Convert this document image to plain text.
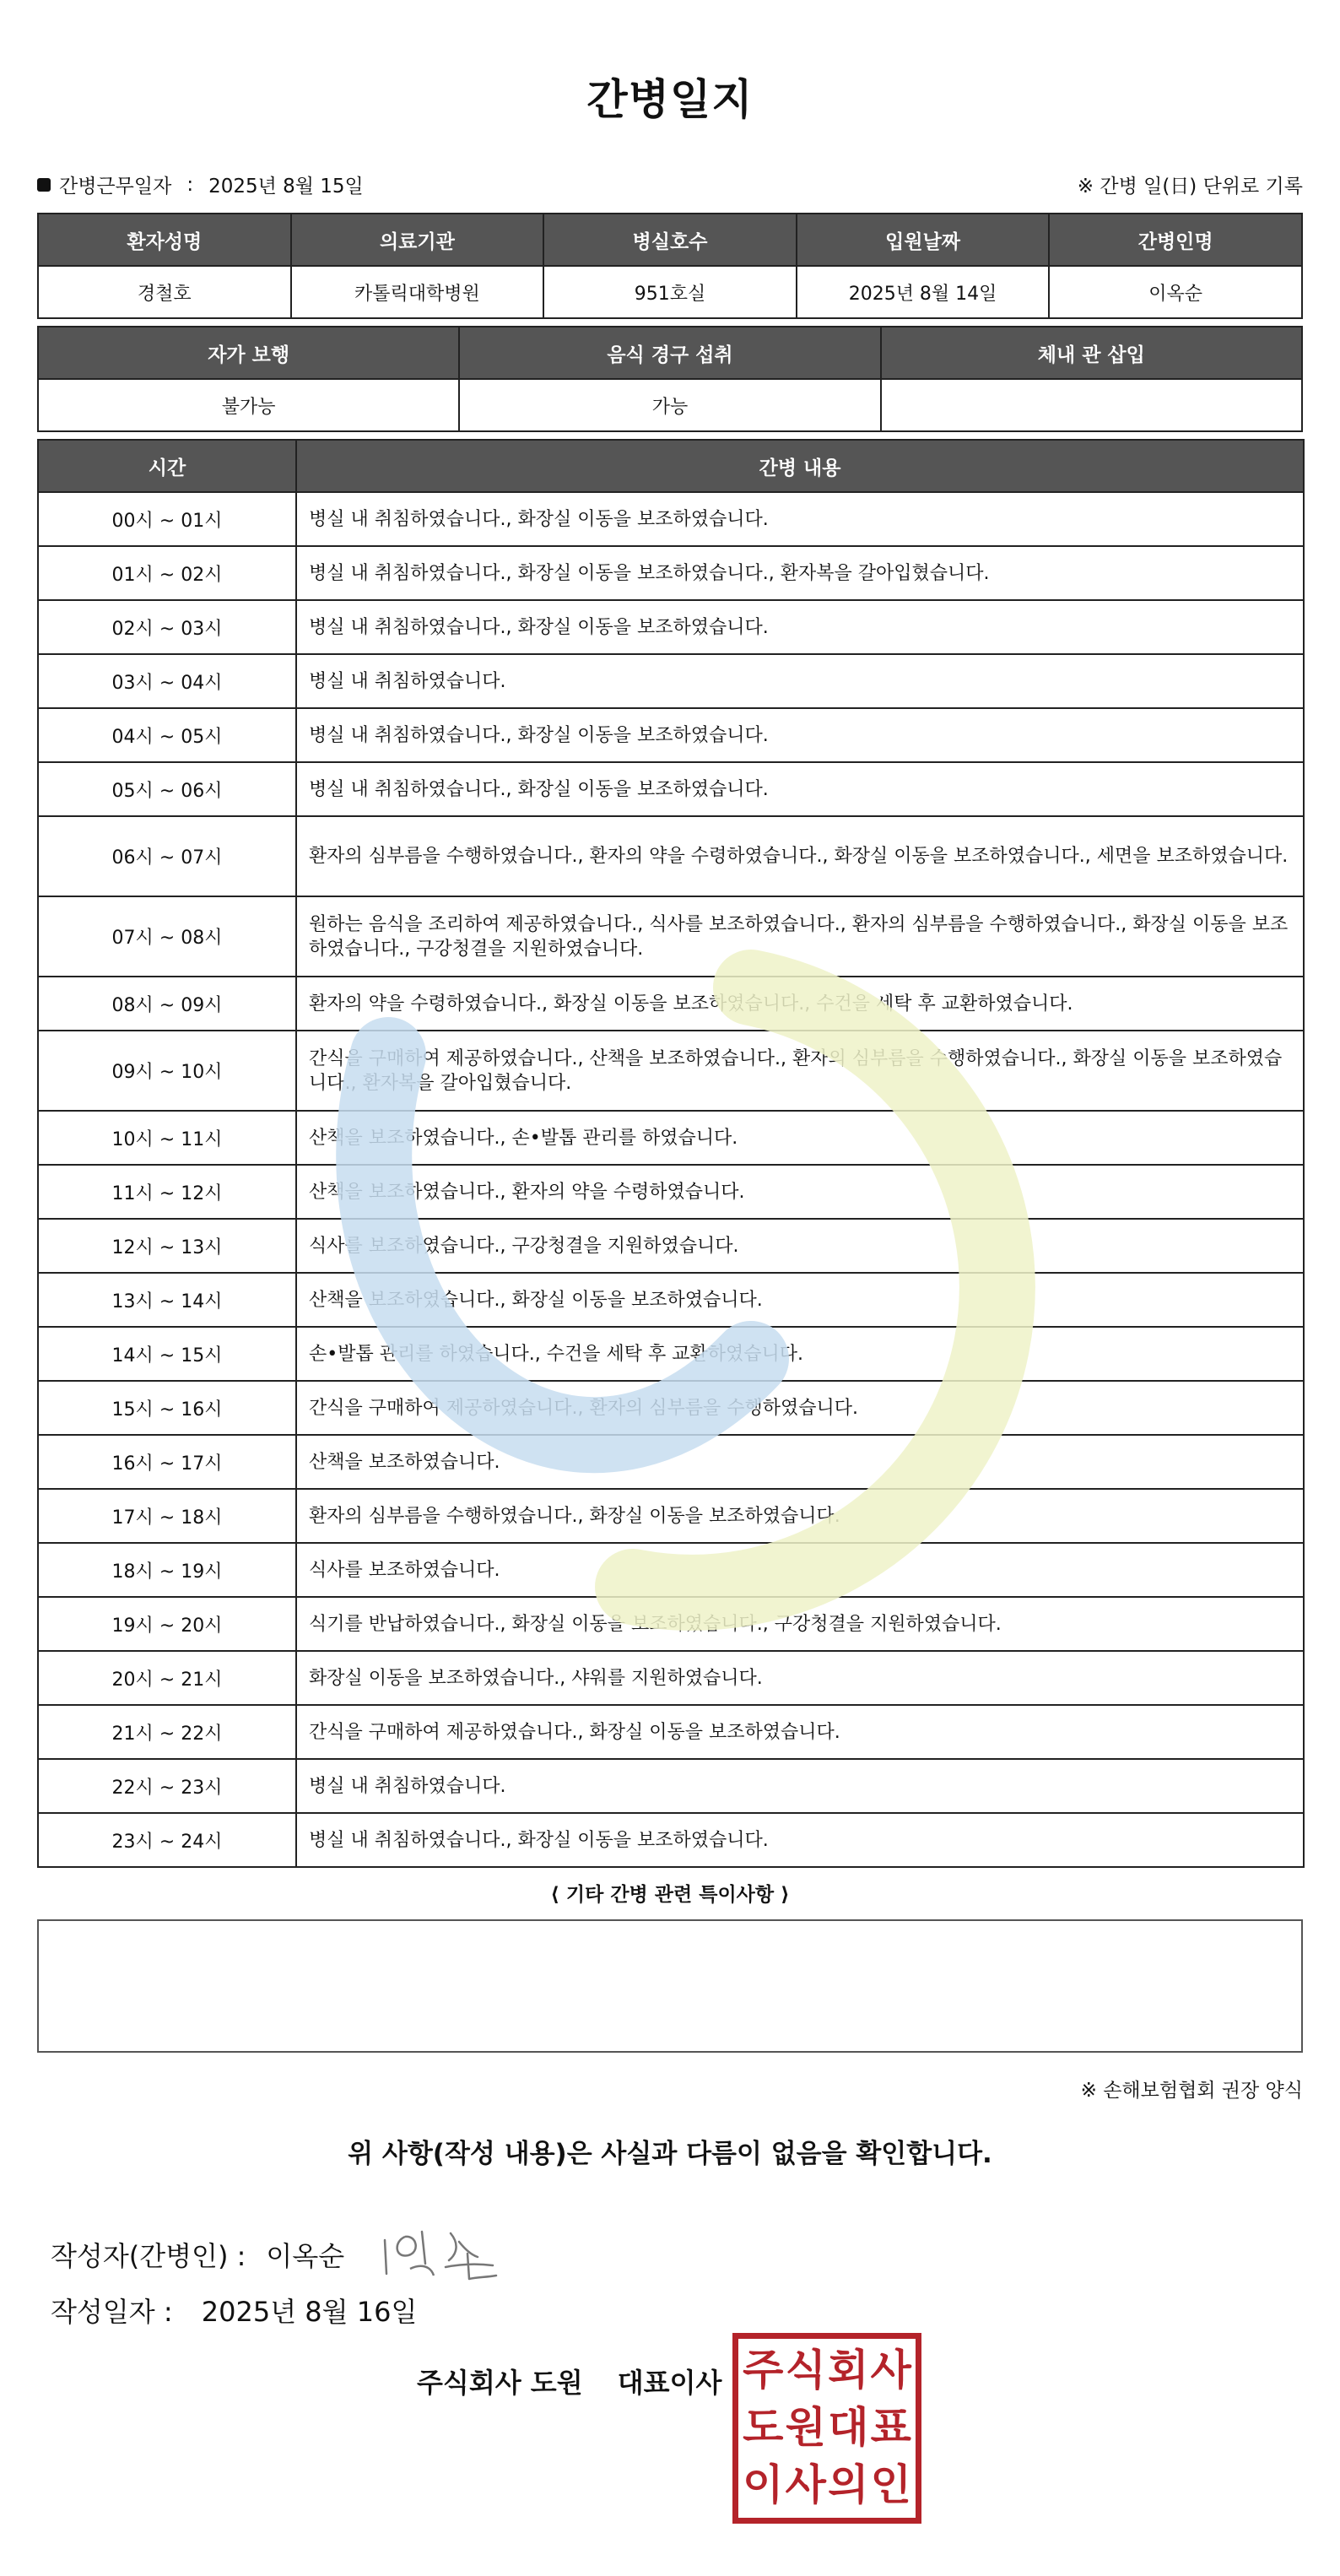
간병일지
간병근무일자 : 2025년 8월 15일	※ 간병 일(日) 단위로 기록
환자성명	의료기관	병실호수	입원날짜	간병인명
경철호	카톨릭대학병원	951호실	2025년 8월 14일	이옥순
자가 보행	음식 경구 섭취	체내 관 삽입
불가능	가능	
시간	간병 내용
00시 ~ 01시	병실 내 취침하였습니다., 화장실 이동을 보조하였습니다.
01시 ~ 02시	병실 내 취침하였습니다., 화장실 이동을 보조하였습니다., 환자복을 갈아입혔습니다.
02시 ~ 03시	병실 내 취침하였습니다., 화장실 이동을 보조하였습니다.
03시 ~ 04시	병실 내 취침하였습니다.
04시 ~ 05시	병실 내 취침하였습니다., 화장실 이동을 보조하였습니다.
05시 ~ 06시	병실 내 취침하였습니다., 화장실 이동을 보조하였습니다.
06시 ~ 07시	환자의 심부름을 수행하였습니다., 환자의 약을 수령하였습니다., 화장실 이동을 보조하였습니다., 세면을 보조하였습니다.
07시 ~ 08시	원하는 음식을 조리하여 제공하였습니다., 식사를 보조하였습니다., 환자의 심부름을 수행하였습니다., 화장실 이동을 보조하였습니다., 구강청결을 지원하였습니다.
08시 ~ 09시	환자의 약을 수령하였습니다., 화장실 이동을 보조하였습니다., 수건을 세탁 후 교환하였습니다.
09시 ~ 10시	간식을 구매하여 제공하였습니다., 산책을 보조하였습니다., 환자의 심부름을 수행하였습니다., 화장실 이동을 보조하였습니다., 환자복을 갈아입혔습니다.
10시 ~ 11시	산책을 보조하였습니다., 손•발톱 관리를 하였습니다.
11시 ~ 12시	산책을 보조하였습니다., 환자의 약을 수령하였습니다.
12시 ~ 13시	식사를 보조하였습니다., 구강청결을 지원하였습니다.
13시 ~ 14시	산책을 보조하였습니다., 화장실 이동을 보조하였습니다.
14시 ~ 15시	손•발톱 관리를 하였습니다., 수건을 세탁 후 교환하였습니다.
15시 ~ 16시	간식을 구매하여 제공하였습니다., 환자의 심부름을 수행하였습니다.
16시 ~ 17시	산책을 보조하였습니다.
17시 ~ 18시	환자의 심부름을 수행하였습니다., 화장실 이동을 보조하였습니다.
18시 ~ 19시	식사를 보조하였습니다.
19시 ~ 20시	식기를 반납하였습니다., 화장실 이동을 보조하였습니다., 구강청결을 지원하였습니다.
20시 ~ 21시	화장실 이동을 보조하였습니다., 샤워를 지원하였습니다.
21시 ~ 22시	간식을 구매하여 제공하였습니다., 화장실 이동을 보조하였습니다.
22시 ~ 23시	병실 내 취침하였습니다.
23시 ~ 24시	병실 내 취침하였습니다., 화장실 이동을 보조하였습니다.
⟨ 기타 간병 관련 특이사항 ⟩
※ 손해보험협회 권장 양식
위 사항(작성 내용)은 사실과 다름이 없음을 확인합니다.
작성자(간병인) : 이옥순
작성일자 : 2025년 8월 16일
주식회사 도원 대표이사 주 식 회 사
도 원 대 표
이 사 의 인
